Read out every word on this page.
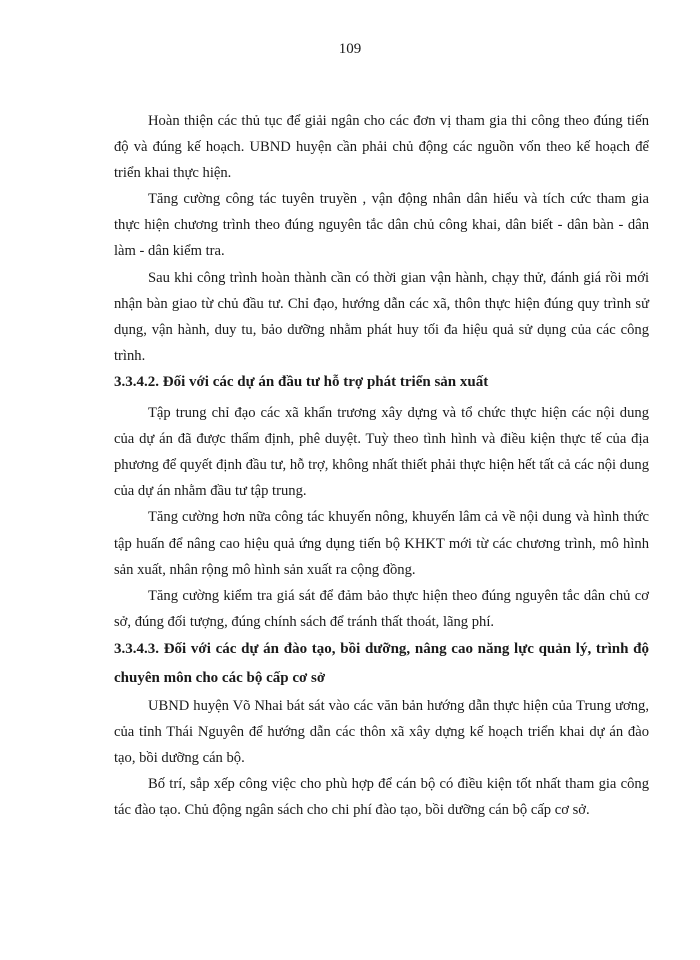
109

Hoàn thiện các thủ tục để giải ngân cho các đơn vị tham gia thi công theo đúng tiến độ và đúng kế hoạch. UBND huyện cần phải chủ động các nguồn vốn theo kế hoạch để triển khai thực hiện.

Tăng cường công tác tuyên truyền , vận động nhân dân hiểu và tích cức tham gia thực hiện chương trình theo đúng nguyên tắc dân chủ công khai, dân biết - dân bàn - dân làm - dân kiểm tra.

Sau khi công trình hoàn thành cần có thời gian vận hành, chạy thử, đánh giá rồi mới nhận bàn giao từ chủ đầu tư. Chỉ đạo, hướng dẫn các xã, thôn thực hiện đúng quy trình sử dụng, vận hành, duy tu, bảo dưỡng nhằm phát huy tối đa hiệu quả sử dụng của các công trình.

3.3.4.2. Đối với các dự án đầu tư hỗ trợ phát triển sản xuất

Tập trung chỉ đạo các xã khẩn trương xây dựng và tổ chức thực hiện các nội dung của dự án đã được thẩm định, phê duyệt. Tuỳ theo tình hình và điều kiện thực tế của địa phương để quyết định đầu tư, hỗ trợ, không nhất thiết phải thực hiện hết tất cả các nội dung của dự án nhằm đầu tư tập trung.

Tăng cường hơn nữa công tác khuyến nông, khuyến lâm cả về nội dung và hình thức tập huấn để nâng cao hiệu quả ứng dụng tiến bộ KHKT mới từ các chương trình, mô hình sản xuất, nhân rộng mô hình sản xuất ra cộng đồng.

Tăng cường kiểm tra giá sát để đảm bảo thực hiện theo đúng nguyên tắc dân chủ cơ sở, đúng đối tượng, đúng chính sách để tránh thất thoát, lãng phí.

3.3.4.3. Đối với các dự án đào tạo, bồi dưỡng, nâng cao năng lực quản lý, trình độ chuyên môn cho các bộ cấp cơ sở

UBND huyện Võ Nhai bát sát vào các văn bản hướng dẫn thực hiện của Trung ương, của tỉnh Thái Nguyên để hướng dẫn các thôn xã xây dựng kế hoạch triển khai dự án đào tạo, bồi dưỡng cán bộ.

Bố trí, sắp xếp công việc cho phù hợp để cán bộ có điều kiện tốt nhất tham gia công tác đào tạo. Chủ động ngân sách cho chi phí đào tạo, bồi dưỡng cán bộ cấp cơ sở.
